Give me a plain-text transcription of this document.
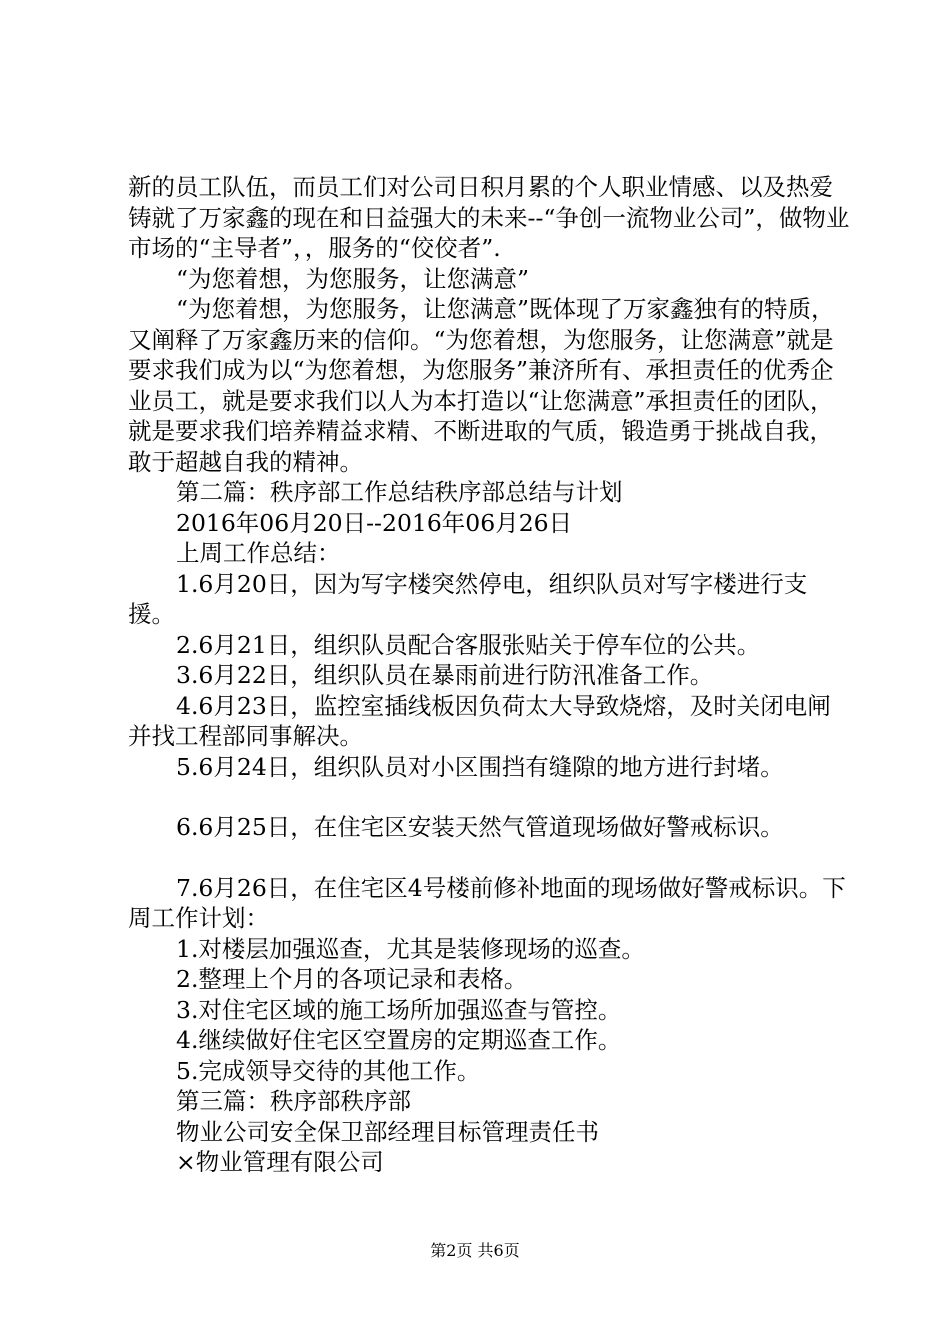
新的员工队伍，而员工们对公司日积月累的个人职业情感、以及热爱铸就了万家鑫的现在和日益强大的未来--“争创一流物业公司”，做物业市场的“主导者”，，服务的“佼佼者”.

“为您着想，为您服务，让您满意”

“为您着想，为您服务，让您满意”既体现了万家鑫独有的特质，又阐释了万家鑫历来的信仰。“为您着想，为您服务，让您满意”就是要求我们成为以“为您着想，为您服务”兼济所有、承担责任的优秀企业员工，就是要求我们以人为本打造以“让您满意”承担责任的团队，就是要求我们培养精益求精、不断进取的气质，锻造勇于挑战自我，敢于超越自我的精神。

第二篇：秩序部工作总结秩序部总结与计划

2016年06月20日--2016年06月26日

上周工作总结：

1.6月20日，因为写字楼突然停电，组织队员对写字楼进行支援。

2.6月21日，组织队员配合客服张贴关于停车位的公共。

3.6月22日，组织队员在暴雨前进行防汛准备工作。

4.6月23日，监控室插线板因负荷太大导致烧熔，及时关闭电闸并找工程部同事解决。

5.6月24日，组织队员对小区围挡有缝隙的地方进行封堵。

6.6月25日，在住宅区安装天然气管道现场做好警戒标识。

7.6月26日，在住宅区4号楼前修补地面的现场做好警戒标识。下周工作计划：

1.对楼层加强巡查，尤其是装修现场的巡查。

2.整理上个月的各项记录和表格。

3.对住宅区域的施工场所加强巡查与管控。

4.继续做好住宅区空置房的定期巡查工作。

5.完成领导交待的其他工作。

第三篇：秩序部秩序部

物业公司安全保卫部经理目标管理责任书

×物业管理有限公司

第2页 共6页
